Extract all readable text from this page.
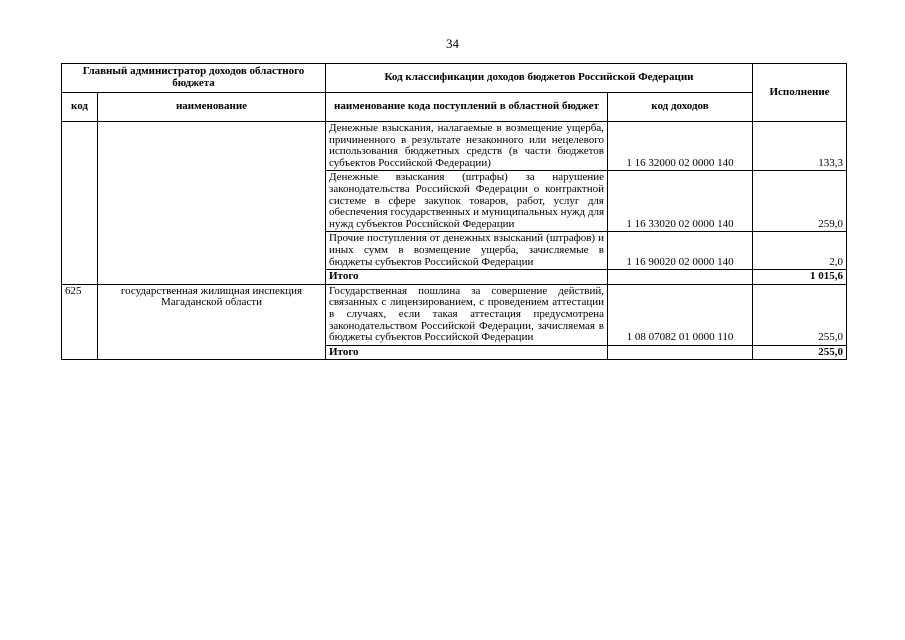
34
Главный администратор доходов областного бюджета		Код классификации доходов бюджетов Российской Федерации		Исполнение
код	наименование	наименование кода поступлений в областной бюджет	код доходов	
		Денежные взыскания, налагаемые в возмещение ущерба, причиненного в результате незаконного или нецелевого использования бюджетных средств (в части бюджетов субъектов Российской Федерации)	1 16 32000 02 0000 140	133,3
		Денежные взыскания (штрафы) за нарушение законодательства Российской Федерации о контрактной системе в сфере закупок товаров, работ, услуг для обеспечения государственных и муниципальных нужд для нужд субъектов Российской Федерации	1 16 33020 02 0000 140	259,0
		Прочие поступления от денежных взысканий (штрафов) и иных сумм в возмещение ущерба, зачисляемые в бюджеты субъектов Российской Федерации	1 16 90020 02 0000 140	2,0
		Итого		1 015,6
625	государственная жилищная инспекция Магаданской области	Государственная пошлина за совершение действий, связанных с лицензированием, с проведением аттестации в случаях, если такая аттестация предусмотрена законодательством Российской Федерации, зачисляемая в бюджеты субъектов Российской Федерации	1 08 07082 01 0000 110	255,0
		Итого		255,0
